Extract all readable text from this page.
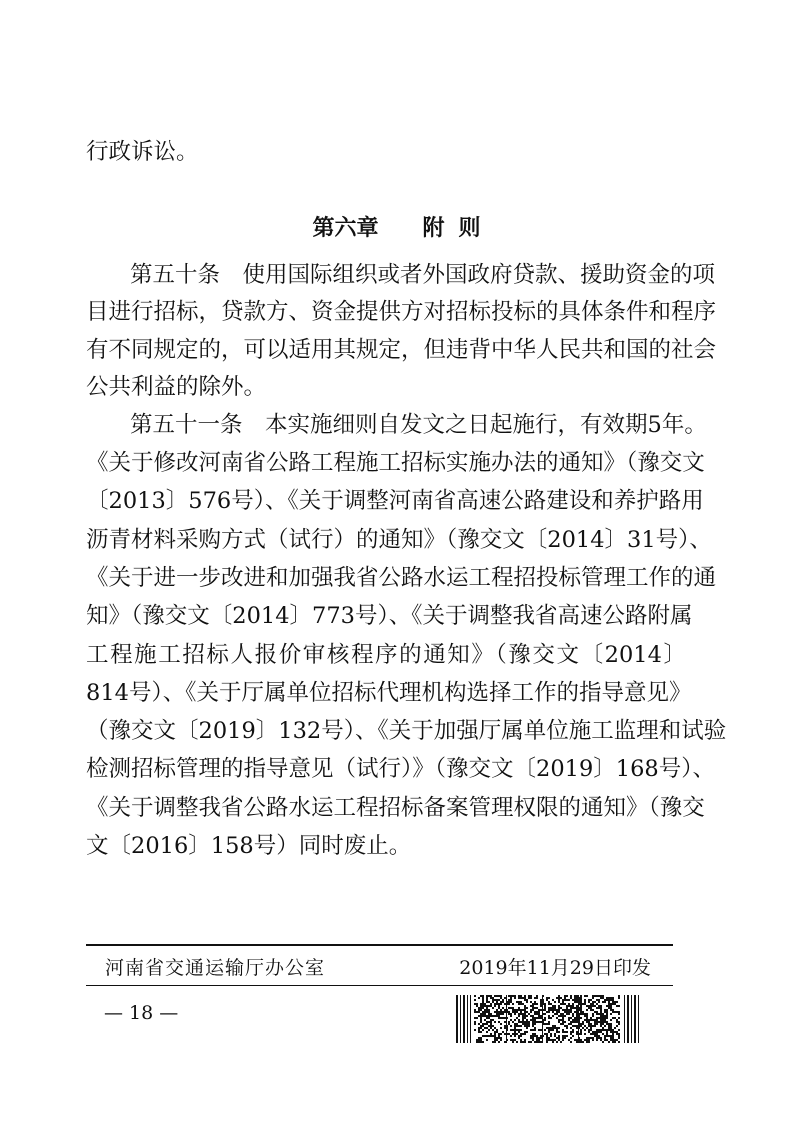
行政诉讼。
第六章 附 则
第五十条　使用国际组织或者外国政府贷款、援助资金的项
目进行招标，贷款方、资金提供方对招标投标的具体条件和程序
有不同规定的，可以适用其规定，但违背中华人民共和国的社会
公共利益的除外。
第五十一条　本实施细则自发文之日起施行，有效期5年。
《关于修改河南省公路工程施工招标实施办法的通知》（豫交文
〔2013〕576号）、《关于调整河南省高速公路建设和养护路用
沥青材料采购方式（试行）的通知》（豫交文〔2014〕31号）、
《关于进一步改进和加强我省公路水运工程招投标管理工作的通
知》（豫交文〔2014〕773号）、《关于调整我省高速公路附属
工程施工招标人报价审核程序的通知》（豫交文〔2014〕
814号）、《关于厅属单位招标代理机构选择工作的指导意见》
（豫交文〔2019〕132号）、《关于加强厅属单位施工监理和试验
检测招标管理的指导意见（试行）》（豫交文〔2019〕168号）、
《关于调整我省公路水运工程招标备案管理权限的通知》（豫交
文〔2016〕158号）同时废止。
河南省交通运输厅办公室	2019年11月29日印发
— 18 —
